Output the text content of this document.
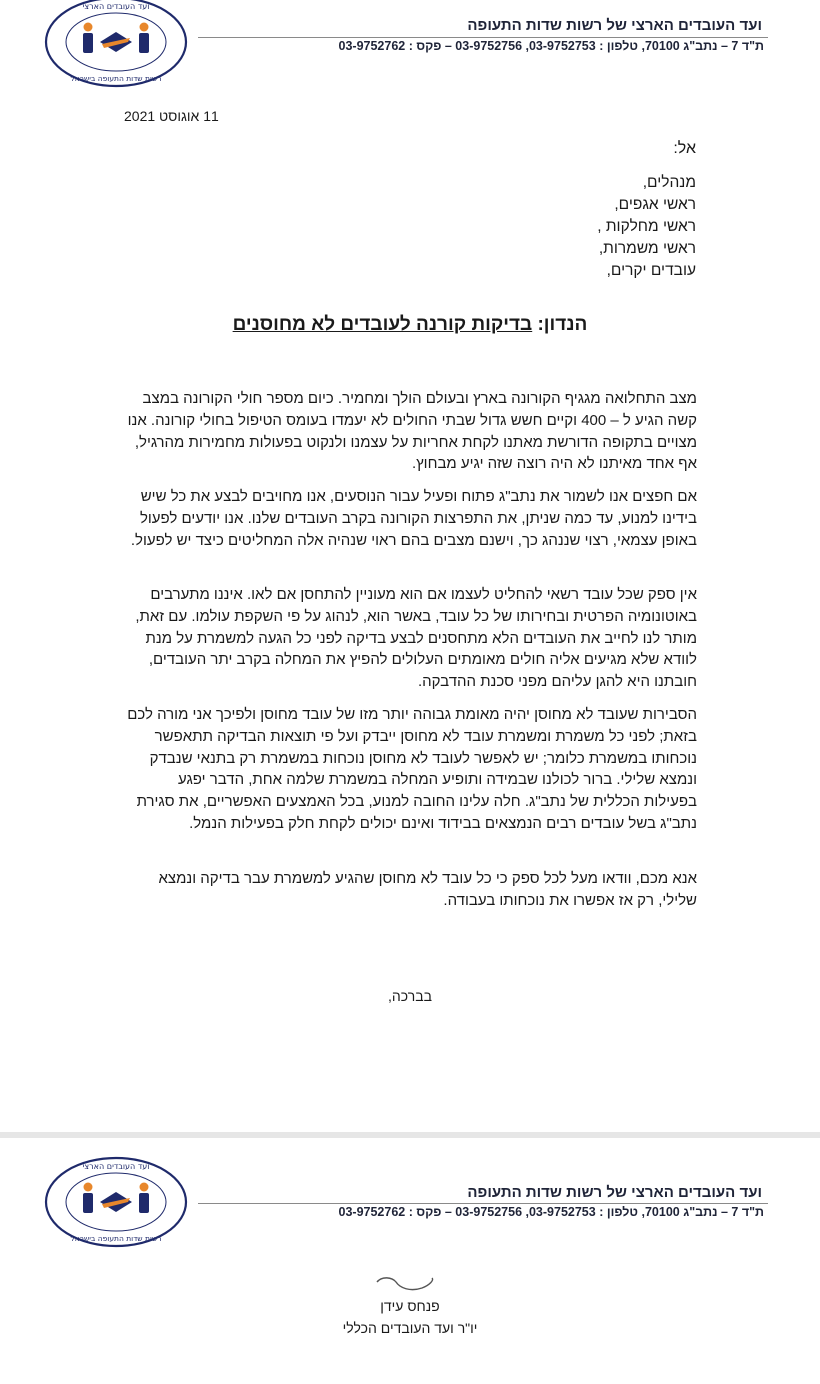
ועד העובדים הארצי
רשות שדות התעופה בישראל
ועד העובדים הארצי של רשות שדות התעופה
ת"ד 7 – נתב"ג 70100, טלפון : 03-9752753, 03-9752756 – פקס : 03-9752762
11 אוגוסט 2021
אל:
מנהלים,
ראשי אגפים,
ראשי מחלקות ,
ראשי משמרות,
עובדים יקרים,
הנדון: בדיקות קורנה לעובדים לא מחוסנים

מצב התחלואה מגגיף הקורונה בארץ ובעולם הולך ומחמיר. כיום מספר חולי הקורונה במצב קשה הגיע ל – 400 וקיים חשש גדול שבתי החולים לא יעמדו בעומס הטיפול בחולי קורונה. אנו מצויים בתקופה הדורשת מאתנו לקחת אחריות על עצמנו ולנקוט בפעולות מחמירות מהרגיל, אף אחד מאיתנו לא היה רוצה שזה יגיע מבחוץ.

אם חפצים אנו לשמור את נתב"ג פתוח ופעיל עבור הנוסעים, אנו מחויבים לבצע את כל שיש בידינו למנוע, עד כמה שניתן, את התפרצות הקורונה בקרב העובדים שלנו. אנו יודעים לפעול באופן עצמאי, רצוי שננהג כך, וישנם מצבים בהם ראוי שנהיה אלה המחליטים כיצד יש לפעול.

אין ספק שכל עובד רשאי להחליט לעצמו אם הוא מעוניין להתחסן אם לאו. איננו מתערבים באוטונומיה הפרטית ובחירותו של כל עובד, באשר הוא, לנהוג על פי השקפת עולמו. עם זאת, מותר לנו לחייב את העובדים הלא מתחסנים לבצע בדיקה לפני כל הגעה למשמרת על מנת לוודא שלא מגיעים אליה חולים מאומתים העלולים להפיץ את המחלה בקרב יתר העובדים, חובתנו היא להגן עליהם מפני סכנת ההדבקה.

הסבירות שעובד לא מחוסן יהיה מאומת גבוהה יותר מזו של עובד מחוסן ולפיכך אני מורה לכם בזאת; לפני כל משמרת ומשמרת עובד לא מחוסן ייבדק ועל פי תוצאות הבדיקה תתאפשר נוכחותו במשמרת כלומר; יש לאפשר לעובד לא מחוסן נוכחות במשמרת רק בתנאי שנבדק ונמצא שלילי. ברור לכולנו שבמידה ותופיע המחלה במשמרת שלמה אחת, הדבר יפגע בפעילות הכללית של נתב"ג. חלה עלינו החובה למנוע, בכל האמצעים האפשריים, את סגירת נתב"ג בשל עובדים רבים הנמצאים בבידוד ואינם יכולים לקחת חלק בפעילות הנמל.

אנא מכם, וודאו מעל לכל ספק כי כל עובד לא מחוסן שהגיע למשמרת עבר בדיקה ונמצא שלילי, רק אז אפשרו את נוכחותו בעבודה.

בברכה,
ועד העובדים הארצי
רשות שדות התעופה בישראל
ועד העובדים הארצי של רשות שדות התעופה
ת"ד 7 – נתב"ג 70100, טלפון : 03-9752753, 03-9752756 – פקס : 03-9752762
פנחס עידן
יו"ר ועד העובדים הכללי
